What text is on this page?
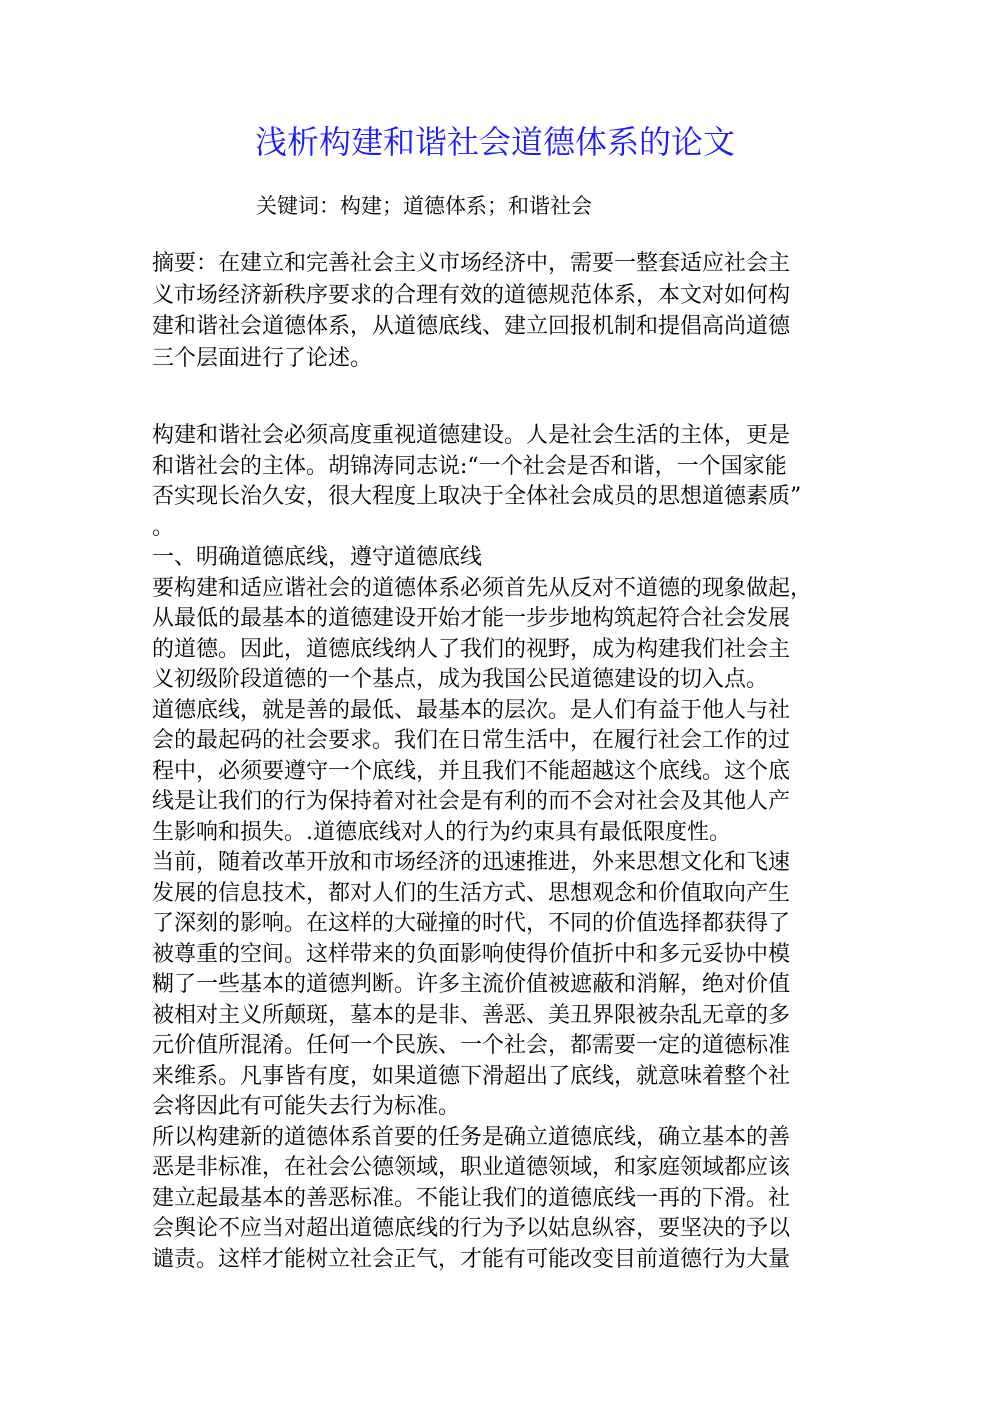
浅析构建和谐社会道德体系的论文
关键词：构建；道德体系；和谐社会
摘要：在建立和完善社会主义市场经济中，需要一整套适应社会主
义市场经济新秩序要求的合理有效的道德规范体系，本文对如何构
建和谐社会道德体系，从道德底线、建立回报机制和提倡高尚道德
三个层面进行了论述。
构建和谐社会必须高度重视道德建设。人是社会生活的主体，更是
和谐社会的主体。胡锦涛同志说:“一个社会是否和谐，一个国家能
否实现长治久安，很大程度上取决于全体社会成员的思想道德素质”
。
一、明确道德底线，遵守道德底线
要构建和适应谐社会的道德体系必须首先从反对不道德的现象做起，
从最低的最基本的道德建设开始才能一步步地构筑起符合社会发展
的道德。因此，道德底线纳人了我们的视野，成为构建我们社会主
义初级阶段道德的一个基点，成为我国公民道德建设的切入点。
道德底线，就是善的最低、最基本的层次。是人们有益于他人与社
会的最起码的社会要求。我们在日常生活中，在履行社会工作的过
程中，必须要遵守一个底线，并且我们不能超越这个底线。这个底
线是让我们的行为保持着对社会是有利的而不会对社会及其他人产
生影响和损失。.道德底线对人的行为约束具有最低限度性。
当前，随着改革开放和市场经济的迅速推进，外来思想文化和飞速
发展的信息技术，都对人们的生活方式、思想观念和价值取向产生
了深刻的影响。在这样的大碰撞的时代，不同的价值选择都获得了
被尊重的空间。这样带来的负面影响使得价值折中和多元妥协中模
糊了一些基本的道德判断。许多主流价值被遮蔽和消解，绝对价值
被相对主义所颠斑，墓本的是非、善恶、美丑界限被杂乱无章的多
元价值所混淆。任何一个民族、一个社会，都需要一定的道德标准
来维系。凡事皆有度，如果道德下滑超出了底线，就意味着整个社
会将因此有可能失去行为标准。
所以构建新的道德体系首要的任务是确立道德底线，确立基本的善
恶是非标准，在社会公德领域，职业道德领域，和家庭领域都应该
建立起最基本的善恶标准。不能让我们的道德底线一再的下滑。社
会舆论不应当对超出道德底线的行为予以姑息纵容，要坚决的予以
谴责。这样才能树立社会正气，才能有可能改变目前道德行为大量
